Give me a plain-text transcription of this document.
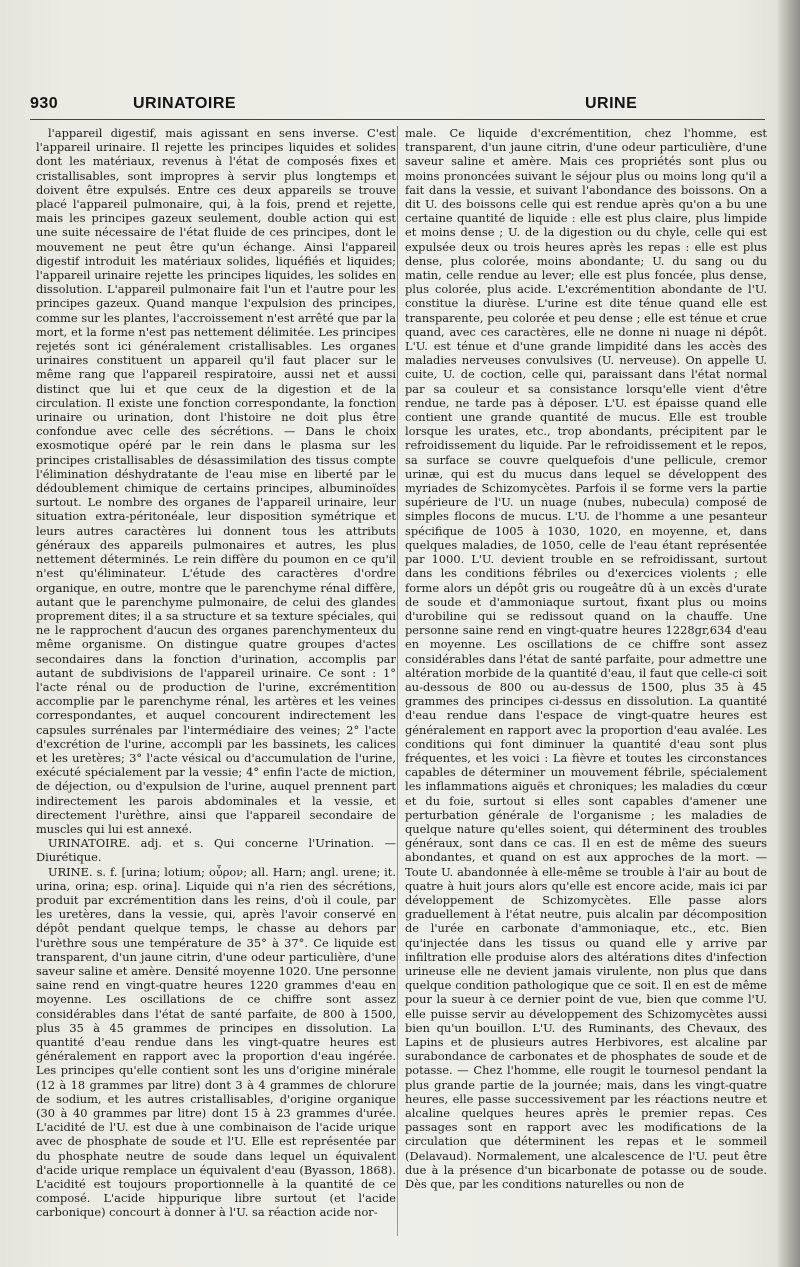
930	URINATOIRE	URINE

l'appareil digestif, mais agissant en sens inverse. C'est l'appareil urinaire. Il rejette les principes liquides et solides dont les matériaux, revenus à l'état de composés fixes et cristallisables, sont impropres à servir plus longtemps et doivent être expulsés. Entre ces deux appareils se trouve placé l'appareil pulmonaire, qui, à la fois, prend et rejette, mais les principes gazeux seulement, double action qui est une suite nécessaire de l'état fluide de ces principes, dont le mouvement ne peut être qu'un échange. Ainsi l'appareil digestif introduit les matériaux solides, liquéfiés et liquides; l'appareil urinaire rejette les principes liquides, les solides en dissolution. L'appareil pulmonaire fait l'un et l'autre pour les principes gazeux. Quand manque l'expulsion des principes, comme sur les plantes, l'accroissement n'est arrêté que par la mort, et la forme n'est pas nettement délimitée. Les principes rejetés sont ici généralement cristallisables. Les organes urinaires constituent un appareil qu'il faut placer sur le même rang que l'appareil respiratoire, aussi net et aussi distinct que lui et que ceux de la digestion et de la circulation. Il existe une fonction correspondante, la fonction urinaire ou urination, dont l'histoire ne doit plus être confondue avec celle des sécrétions. — Dans le choix exosmotique opéré par le rein dans le plasma sur les principes cristallisables de désassimilation des tissus compte l'élimination déshydratante de l'eau mise en liberté par le dédoublement chimique de certains principes, albuminoïdes surtout. Le nombre des organes de l'appareil urinaire, leur situation extra-péritonéale, leur disposition symétrique et leurs autres caractères lui donnent tous les attributs généraux des appareils pulmonaires et autres, les plus nettement déterminés. Le rein diffère du poumon en ce qu'il n'est qu'éliminateur. L'étude des caractères d'ordre organique, en outre, montre que le parenchyme rénal diffère, autant que le parenchyme pulmonaire, de celui des glandes proprement dites; il a sa structure et sa texture spéciales, qui ne le rapprochent d'aucun des organes parenchymenteux du même organisme. On distingue quatre groupes d'actes secondaires dans la fonction d'urination, accomplis par autant de subdivisions de l'appareil urinaire. Ce sont : 1° l'acte rénal ou de production de l'urine, excrémentition accomplie par le parenchyme rénal, les artères et les veines correspondantes, et auquel concourent indirectement les capsules surrénales par l'intermédiaire des veines; 2° l'acte d'excrétion de l'urine, accompli par les bassinets, les calices et les uretères; 3° l'acte vésical ou d'accumulation de l'urine, exécuté spécialement par la vessie; 4° enfin l'acte de miction, de déjection, ou d'expulsion de l'urine, auquel prennent part indirectement les parois abdominales et la vessie, et directement l'urèthre, ainsi que l'appareil secondaire de muscles qui lui est annexé.

URINATOIRE. adj. et s. Qui concerne l'Urination. — Diurétique.

URINE. s. f. [urina; lotium; οὖρον; all. Harn; angl. urene; it. urina, orina; esp. orina]. Liquide qui n'a rien des sécrétions, produit par excrémentition dans les reins, d'où il coule, par les uretères, dans la vessie, qui, après l'avoir conservé en dépôt pendant quelque temps, le chasse au dehors par l'urèthre sous une température de 35° à 37°. Ce liquide est transparent, d'un jaune citrin, d'une odeur particulière, d'une saveur saline et amère. Densité moyenne 1020. Une personne saine rend en vingt-quatre heures 1220 grammes d'eau en moyenne. Les oscillations de ce chiffre sont assez considérables dans l'état de santé parfaite, de 800 à 1500, plus 35 à 45 grammes de principes en dissolution. La quantité d'eau rendue dans les vingt-quatre heures est généralement en rapport avec la proportion d'eau ingérée. Les principes qu'elle contient sont les uns d'origine minérale (12 à 18 grammes par litre) dont 3 à 4 grammes de chlorure de sodium, et les autres cristallisables, d'origine organique (30 à 40 grammes par litre) dont 15 à 23 grammes d'urée. L'acidité de l'U. est due à une combinaison de l'acide urique avec de phosphate de soude et l'U. Elle est représentée par du phosphate neutre de soude dans lequel un équivalent d'acide urique remplace un équivalent d'eau (Byasson, 1868). L'acidité est toujours proportionnelle à la quantité de ce composé. L'acide hippurique libre surtout (et l'acide carbonique) concourt à donner à l'U. sa réaction acide nor-

male. Ce liquide d'excrémentition, chez l'homme, est transparent, d'un jaune citrin, d'une odeur particulière, d'une saveur saline et amère. Mais ces propriétés sont plus ou moins prononcées suivant le séjour plus ou moins long qu'il a fait dans la vessie, et suivant l'abondance des boissons. On a dit U. des boissons celle qui est rendue après qu'on a bu une certaine quantité de liquide : elle est plus claire, plus limpide et moins dense ; U. de la digestion ou du chyle, celle qui est expulsée deux ou trois heures après les repas : elle est plus dense, plus colorée, moins abondante; U. du sang ou du matin, celle rendue au lever; elle est plus foncée, plus dense, plus colorée, plus acide. L'excrémentition abondante de l'U. constitue la diurèse. L'urine est dite ténue quand elle est transparente, peu colorée et peu dense ; elle est ténue et crue quand, avec ces caractères, elle ne donne ni nuage ni dépôt. L'U. est ténue et d'une grande limpidité dans les accès des maladies nerveuses convulsives (U. nerveuse). On appelle U. cuite, U. de coction, celle qui, paraissant dans l'état normal par sa couleur et sa consistance lorsqu'elle vient d'être rendue, ne tarde pas à déposer. L'U. est épaisse quand elle contient une grande quantité de mucus. Elle est trouble lorsque les urates, etc., trop abondants, précipitent par le refroidissement du liquide. Par le refroidissement et le repos, sa surface se couvre quelquefois d'une pellicule, cremor urinæ, qui est du mucus dans lequel se développent des myriades de Schizomycètes. Parfois il se forme vers la partie supérieure de l'U. un nuage (nubes, nubecula) composé de simples flocons de mucus. L'U. de l'homme a une pesanteur spécifique de 1005 à 1030, 1020, en moyenne, et, dans quelques maladies, de 1050, celle de l'eau étant représentée par 1000. L'U. devient trouble en se refroidissant, surtout dans les conditions fébriles ou d'exercices violents ; elle forme alors un dépôt gris ou rougeâtre dû à un excès d'urate de soude et d'ammoniaque surtout, fixant plus ou moins d'urobiline qui se redissout quand on la chauffe. Une personne saine rend en vingt-quatre heures 1228gr,634 d'eau en moyenne. Les oscillations de ce chiffre sont assez considérables dans l'état de santé parfaite, pour admettre une altération morbide de la quantité d'eau, il faut que celle-ci soit au-dessous de 800 ou au-dessus de 1500, plus 35 à 45 grammes des principes ci-dessus en dissolution. La quantité d'eau rendue dans l'espace de vingt-quatre heures est généralement en rapport avec la proportion d'eau avalée. Les conditions qui font diminuer la quantité d'eau sont plus fréquentes, et les voici : La fièvre et toutes les circonstances capables de déterminer un mouvement fébrile, spécialement les inflammations aiguës et chroniques; les maladies du cœur et du foie, surtout si elles sont capables d'amener une perturbation générale de l'organisme ; les maladies de quelque nature qu'elles soient, qui déterminent des troubles généraux, sont dans ce cas. Il en est de même des sueurs abondantes, et quand on est aux approches de la mort. — Toute U. abandonnée à elle-même se trouble à l'air au bout de quatre à huit jours alors qu'elle est encore acide, mais ici par développement de Schizomycètes. Elle passe alors graduellement à l'état neutre, puis alcalin par décomposition de l'urée en carbonate d'ammoniaque, etc., etc. Bien qu'injectée dans les tissus ou quand elle y arrive par infiltration elle produise alors des altérations dites d'infection urineuse elle ne devient jamais virulente, non plus que dans quelque condition pathologique que ce soit. Il en est de même pour la sueur à ce dernier point de vue, bien que comme l'U. elle puisse servir au développement des Schizomycètes aussi bien qu'un bouillon. L'U. des Ruminants, des Chevaux, des Lapins et de plusieurs autres Herbivores, est alcaline par surabondance de carbonates et de phosphates de soude et de potasse. — Chez l'homme, elle rougit le tournesol pendant la plus grande partie de la journée; mais, dans les vingt-quatre heures, elle passe successivement par les réactions neutre et alcaline quelques heures après le premier repas. Ces passages sont en rapport avec les modifications de la circulation que déterminent les repas et le sommeil (Delavaud). Normalement, une alcalescence de l'U. peut être due à la présence d'un bicarbonate de potasse ou de soude. Dès que, par les conditions naturelles ou non de
